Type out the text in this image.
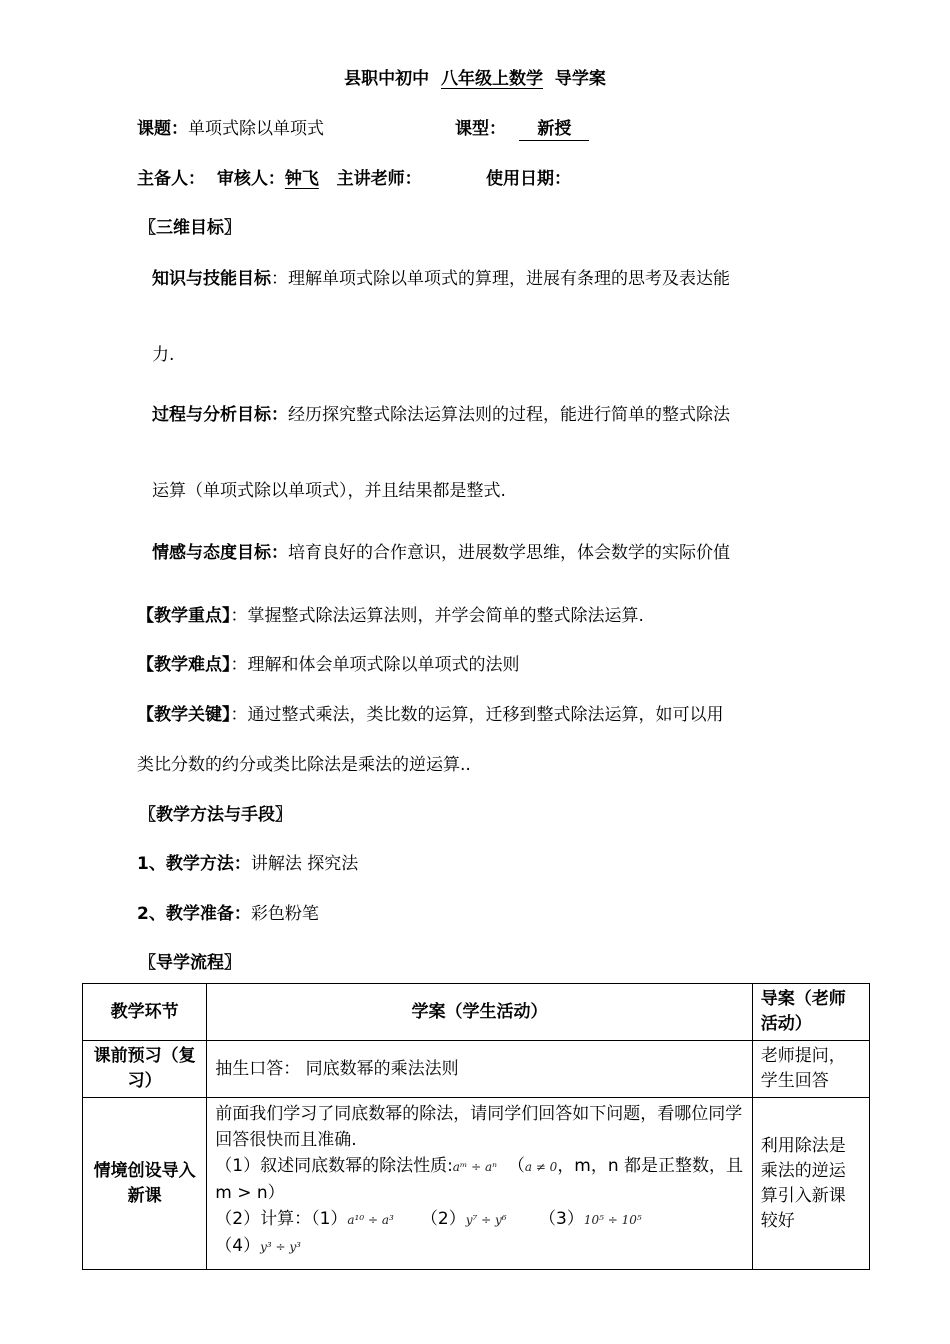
县职中初中 八年级上数学 导学案
课题：单项式除以单项式	课型： 新授
主备人： 审核人：钟飞 主讲老师：	使用日期：
〖三维目标〗
知识与技能目标：理解单项式除以单项式的算理，进展有条理的思考及表达能
力.
过程与分析目标：经历探究整式除法运算法则的过程，能进行简单的整式除法
运算（单项式除以单项式），并且结果都是整式.
情感与态度目标：培育良好的合作意识，进展数学思维，体会数学的实际价值
【教学重点】：掌握整式除法运算法则，并学会简单的整式除法运算.
【教学难点】：理解和体会单项式除以单项式的法则
【教学关键】：通过整式乘法，类比数的运算，迁移到整式除法运算，如可以用
类比分数的约分或类比除法是乘法的逆运算..
〖教学方法与手段〗
1、教学方法：讲解法 探究法
2、教学准备：彩色粉笔
〖导学流程〗
教学环节	学案（学生活动）	导案（老师活动）
课前预习（复习）	抽生口答： 同底数幂的乘法法则	老师提问，学生回答
情境创设导入新课	前面我们学习了同底数幂的除法，请同学们回答如下问题，看哪位同学回答很快而且准确.
（1）叙述同底数幂的除法性质:aᵐ ÷ aⁿ （a ≠ 0，m，n 都是正整数，且 m > n）
（2）计算：（1）a¹⁰ ÷ a³ （2）y⁷ ÷ y⁶ （3）10⁵ ÷ 10⁵
（4）y³ ÷ y³	利用除法是乘法的逆运算引入新课较好
